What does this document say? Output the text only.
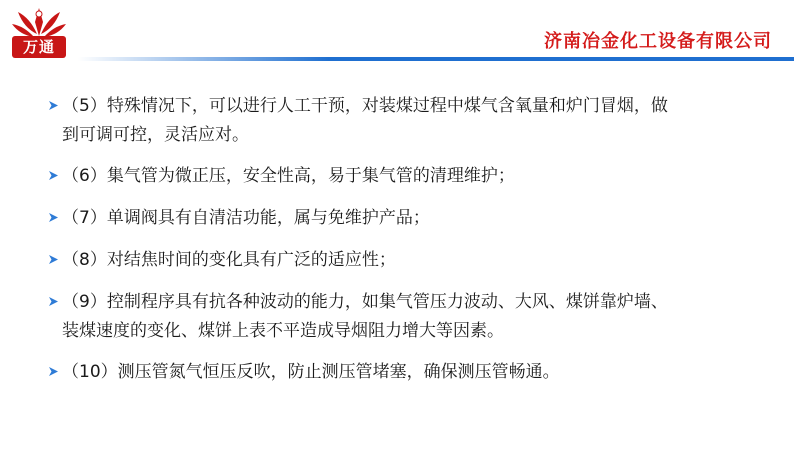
万通	济南冶金化工设备有限公司
（5）特殊情况下，可以进行人工干预，对装煤过程中煤气含氧量和炉门冒烟，做
到可调可控，灵活应对。
（6）集气管为微正压，安全性高，易于集气管的清理维护；
（7）单调阀具有自清洁功能，属与免维护产品；
（8）对结焦时间的变化具有广泛的适应性；
（9）控制程序具有抗各种波动的能力，如集气管压力波动、大风、煤饼靠炉墙、
装煤速度的变化、煤饼上表不平造成导烟阻力增大等因素。
（10）测压管氮气恒压反吹，防止测压管堵塞，确保测压管畅通。
